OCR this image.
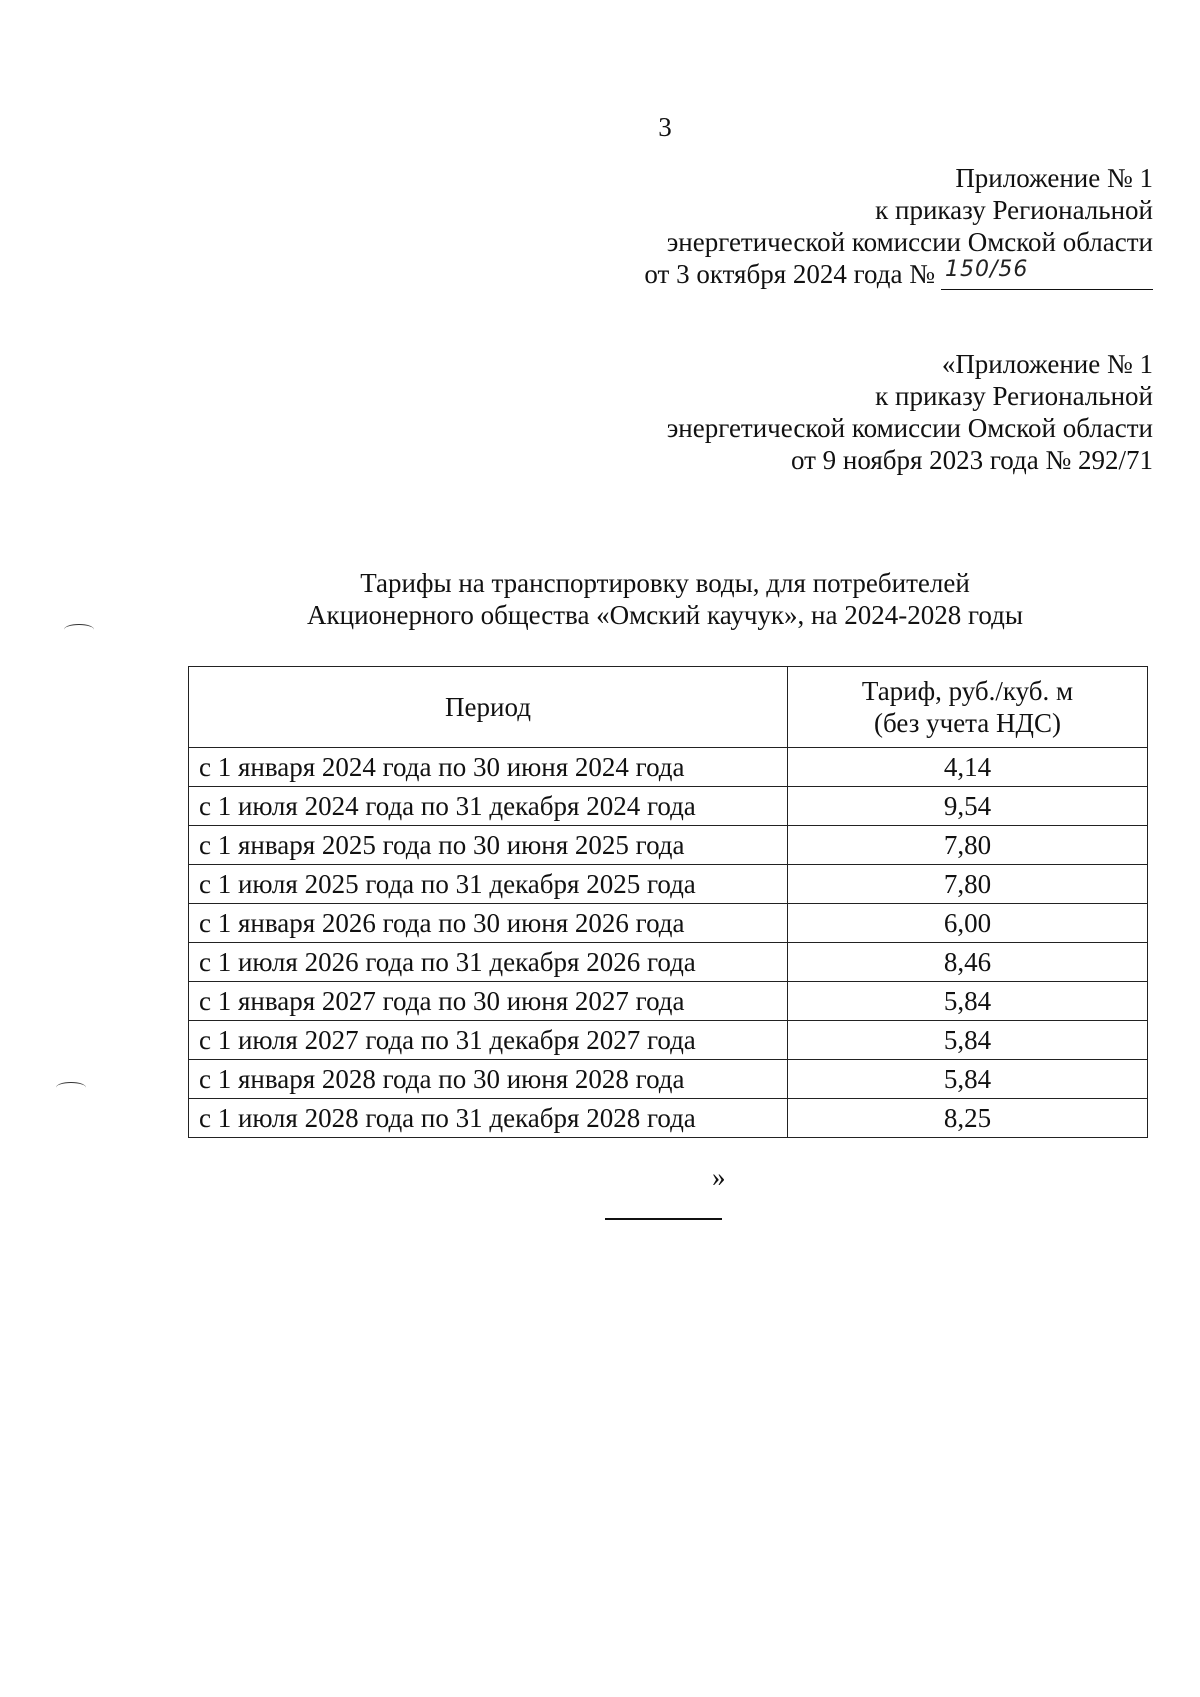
3
Приложение № 1
к приказу Региональной
энергетической комиссии Омской области
от 3 октября 2024 года № 150/56
«Приложение № 1
к приказу Региональной
энергетической комиссии Омской области
от 9 ноября 2023 года № 292/71
Тарифы на транспортировку воды, для потребителей
Акционерного общества «Омский каучук», на 2024-2028 годы
Период	Тариф, руб./куб. м
(без учета НДС)

с 1 января 2024 года по 30 июня 2024 года	4,14
с 1 июля 2024 года по 31 декабря 2024 года	9,54
с 1 января 2025 года по 30 июня 2025 года	7,80
с 1 июля 2025 года по 31 декабря 2025 года	7,80
с 1 января 2026 года по 30 июня 2026 года	6,00
с 1 июля 2026 года по 31 декабря 2026 года	8,46
с 1 января 2027 года по 30 июня 2027 года	5,84
с 1 июля 2027 года по 31 декабря 2027 года	5,84
с 1 января 2028 года по 30 июня 2028 года	5,84
с 1 июля 2028 года по 31 декабря 2028 года	8,25
»
